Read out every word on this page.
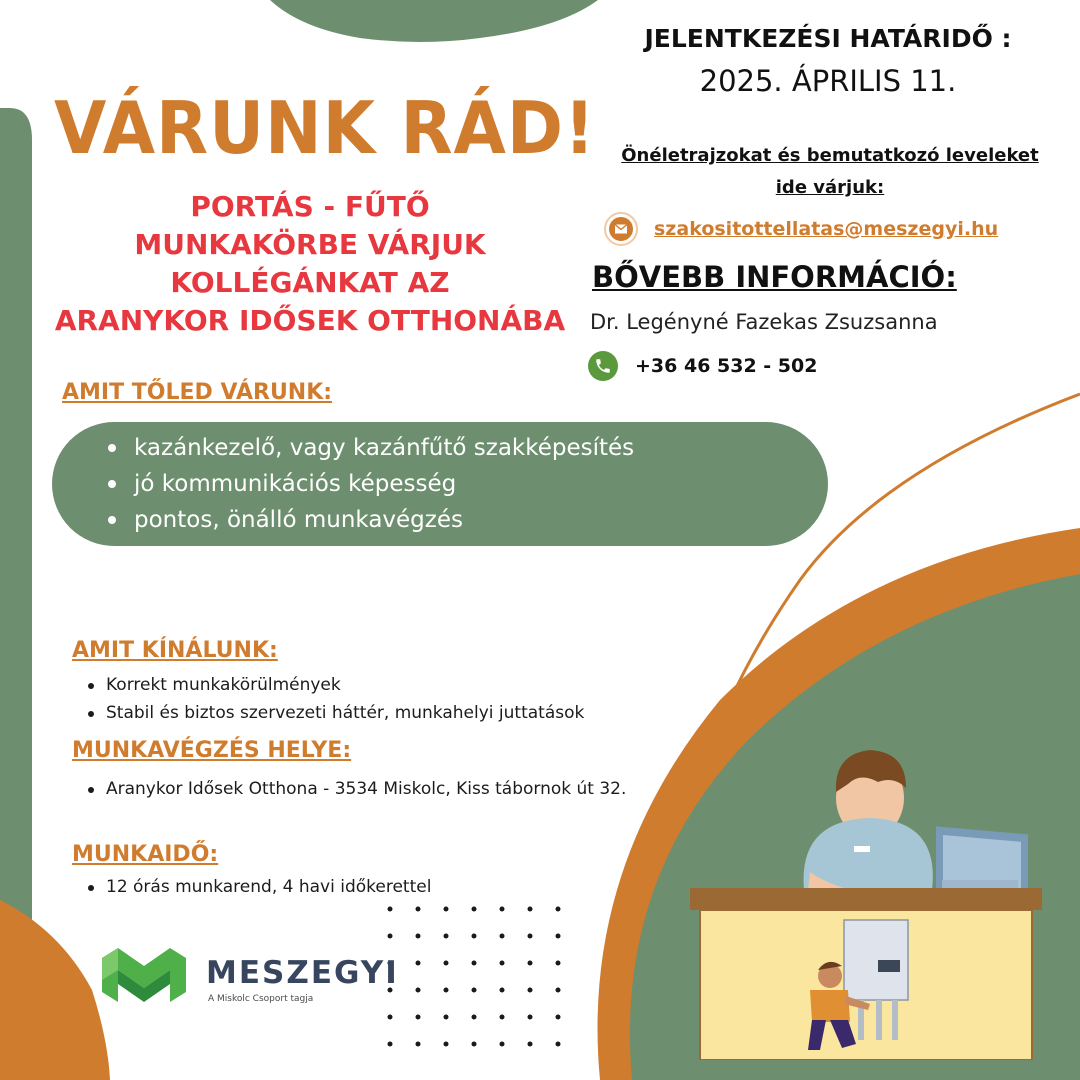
VÁRUNK RÁD!
PORTÁS - FŰTŐ
MUNKAKÖRBE VÁRJUK
KOLLÉGÁNKAT AZ
ARANYKOR IDŐSEK OTTHONÁBA
AMIT TŐLED VÁRUNK:
kazánkezelő, vagy kazánfűtő szakképesítés
jó kommunikációs képesség
pontos, önálló munkavégzés
AMIT KÍNÁLUNK:
Korrekt munkakörülmények
Stabil és biztos szervezeti háttér, munkahelyi juttatások
MUNKAVÉGZÉS HELYE:
Aranykor Idősek Otthona - 3534 Miskolc, Kiss tábornok út 32.
MUNKAIDŐ:
12 órás munkarend, 4 havi időkerettel
JELENTKEZÉSI HATÁRIDŐ :
2025. ÁPRILIS 11.
Önéletrajzokat és bemutatkozó leveleket ide várjuk:
szakositottellatas@meszegyi.hu
BŐVEBB INFORMÁCIÓ:
Dr. Legényné Fazekas Zsuzsanna
+36 46 532 - 502
MESZEGYI
A Miskolc Csoport tagja
